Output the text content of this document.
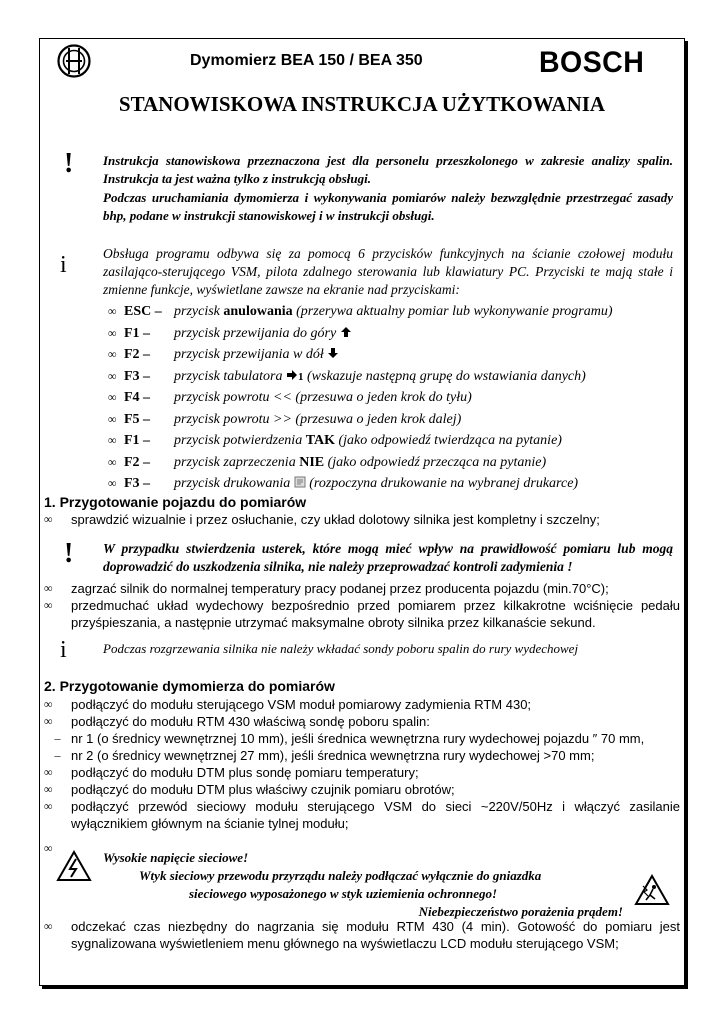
Dymomierz BEA 150 / BEA 350	BOSCH
STANOWISKOWA INSTRUKCJA UŻYTKOWANIA
! Instrukcja stanowiskowa przeznaczona jest dla personelu przeszkolonego w zakresie analizy spalin. Instrukcja ta jest ważna tylko z instrukcją obsługi.
Podczas uruchamiania dymomierza i wykonywania pomiarów należy bezwzględnie przestrzegać zasady bhp, podane w instrukcji stanowiskowej i w instrukcji obsługi.
i	Obsługa programu odbywa się za pomocą 6 przycisków funkcyjnych na ścianie czołowej modułu zasilająco-sterującego VSM, pilota zdalnego sterowania lub klawiatury PC. Przyciski te mają stałe i zmienne funkcje, wyświetlane zawsze na ekranie nad przyciskami:
∞ ESC – przycisk anulowania (przerywa aktualny pomiar lub wykonywanie programu)
∞ F1 – przycisk przewijania do góry
∞ F2 – przycisk przewijania w dół
∞ F3 – przycisk tabulatora 1 (wskazuje następną grupę do wstawiania danych)
∞ F4 – przycisk powrotu << (przesuwa o jeden krok do tyłu)
∞ F5 – przycisk powrotu >> (przesuwa o jeden krok dalej)
∞ F1 – przycisk potwierdzenia TAK (jako odpowiedź twierdząca na pytanie)
∞ F2 – przycisk zaprzeczenia NIE (jako odpowiedź przecząca na pytanie)
∞ F3 – przycisk drukowania  (rozpoczyna drukowanie na wybranej drukarce)
1. Przygotowanie pojazdu do pomiarów
∞	sprawdzić wizualnie i przez osłuchanie, czy układ dolotowy silnika jest kompletny i szczelny;
! W przypadku stwierdzenia usterek, które mogą mieć wpływ na prawidłowość pomiaru lub mogą doprowadzić do uszkodzenia silnika, nie należy przeprowadzać kontroli zadymienia !
∞	zagrzać silnik do normalnej temperatury pracy podanej przez producenta pojazdu (min.70°C);
∞	przedmuchać układ wydechowy bezpośrednio przed pomiarem przez kilkakrotne wciśnięcie pedału przyśpieszania, a następnie utrzymać maksymalne obroty silnika przez kilkanaście sekund.
i	Podczas rozgrzewania silnika nie należy wkładać sondy poboru spalin do rury wydechowej
2. Przygotowanie dymomierza do pomiarów
∞	podłączyć do modułu sterującego VSM moduł pomiarowy zadymienia RTM 430;
∞	podłączyć do modułu RTM 430 właściwą sondę poboru spalin:
– nr 1 (o średnicy wewnętrznej 10 mm), jeśli średnica wewnętrzna rury wydechowej pojazdu ″ 70 mm,
– nr 2 (o średnicy wewnętrznej 27 mm), jeśli średnica wewnętrzna rury wydechowej >70 mm;
∞	podłączyć do modułu DTM plus sondę pomiaru temperatury;
∞	podłączyć do modułu DTM plus właściwy czujnik pomiaru obrotów;
∞	podłączyć przewód sieciowy modułu sterującego VSM do sieci ~220V/50Hz i włączyć zasilanie wyłącznikiem głównym na ścianie tylnej modułu;
∞
Wysokie napięcie sieciowe!
Wtyk sieciowy przewodu przyrządu należy podłączać wyłącznie do gniazdka
sieciowego wyposażonego w styk uziemienia ochronnego!
Niebezpieczeństwo porażenia prądem!
∞	odczekać czas niezbędny do nagrzania się modułu RTM 430 (4 min). Gotowość do pomiaru jest sygnalizowana wyświetleniem menu głównego na wyświetlaczu LCD modułu sterującego VSM;
